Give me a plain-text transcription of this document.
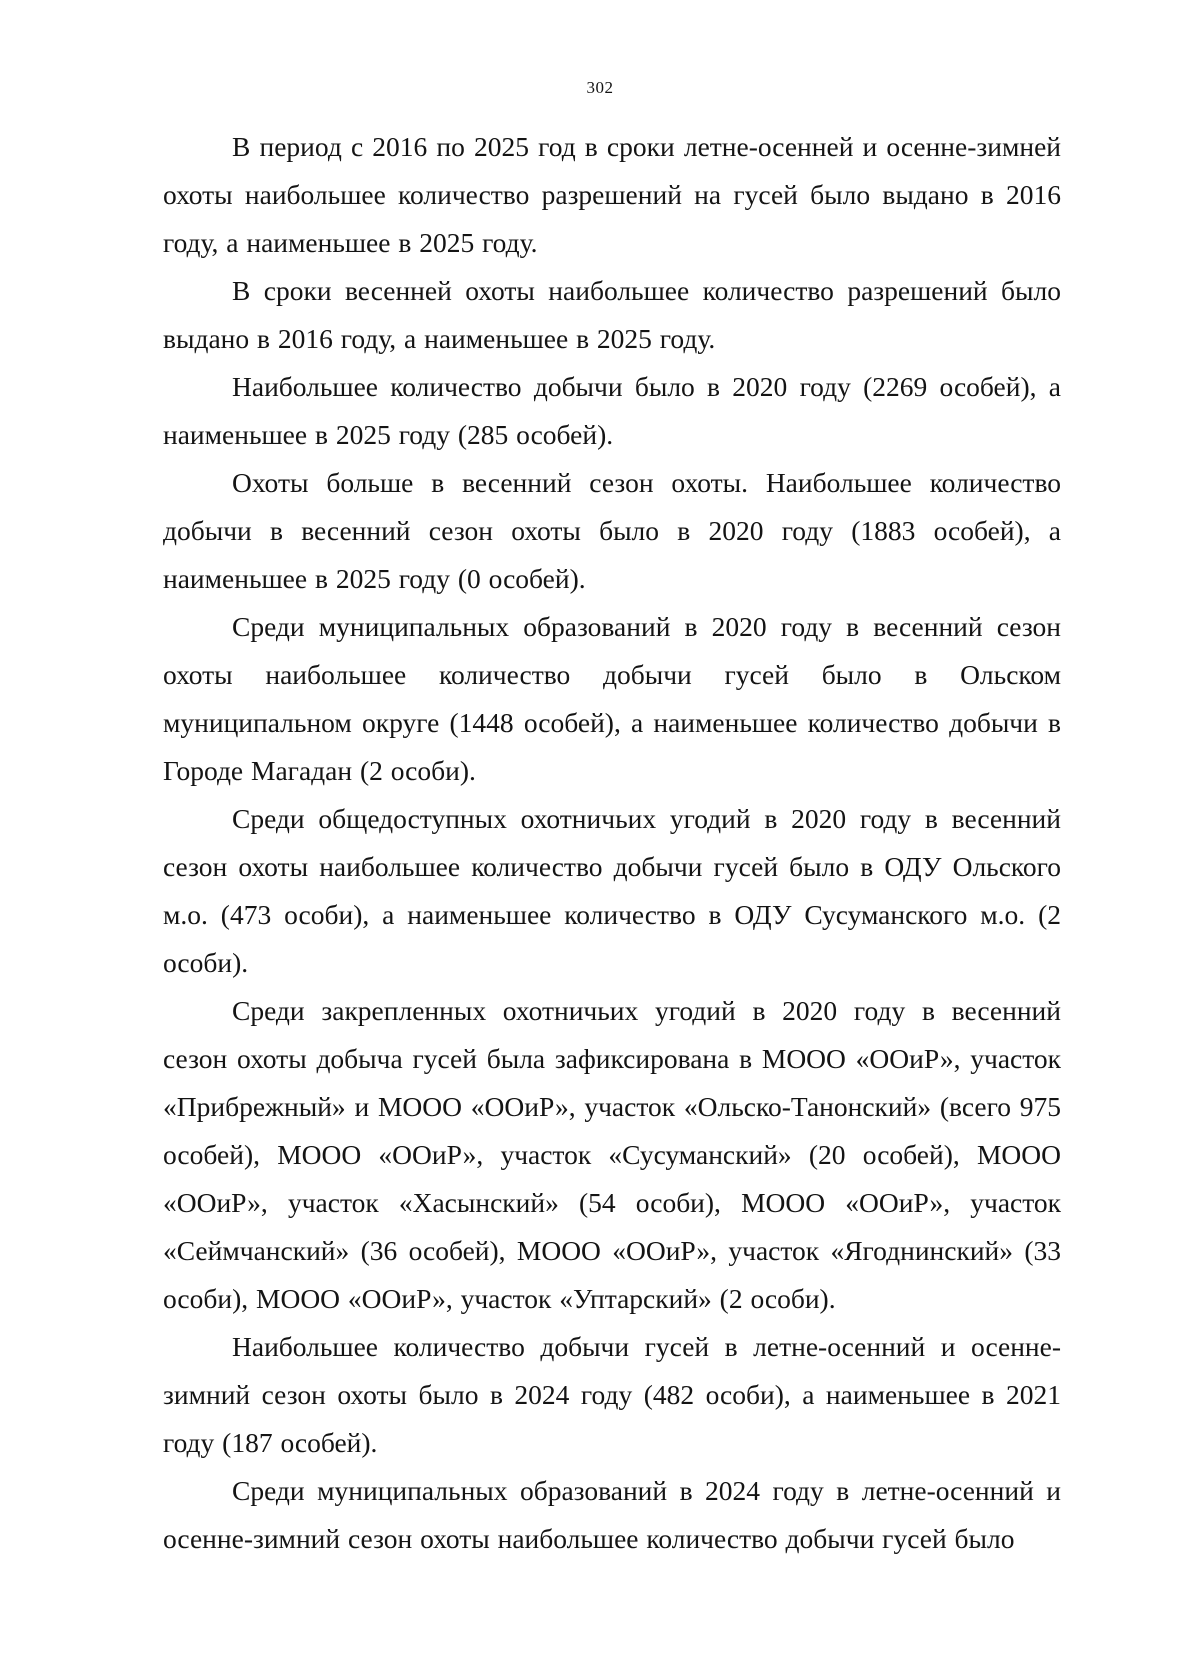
302

В период с 2016 по 2025 год в сроки летне-осенней и осенне-зимней охоты наибольшее количество разрешений на гусей было выдано в 2016 году, а наименьшее в 2025 году.

В сроки весенней охоты наибольшее количество разрешений было выдано в 2016 году, а наименьшее в 2025 году.

Наибольшее количество добычи было в 2020 году (2269 особей), а наименьшее в 2025 году (285 особей).

Охоты больше в весенний сезон охоты. Наибольшее количество добычи в весенний сезон охоты было в 2020 году (1883 особей), а наименьшее в 2025 году (0 особей).

Среди муниципальных образований в 2020 году в весенний сезон охоты наибольшее количество добычи гусей было в Ольском муниципальном округе (1448 особей), а наименьшее количество добычи в Городе Магадан (2 особи).

Среди общедоступных охотничьих угодий в 2020 году в весенний сезон охоты наибольшее количество добычи гусей было в ОДУ Ольского м.о. (473 особи), а наименьшее количество в ОДУ Сусуманского м.о. (2 особи).

Среди закрепленных охотничьих угодий в 2020 году в весенний сезон охоты добыча гусей была зафиксирована в МООО «ООиР», участок «Прибрежный» и МООО «ООиР», участок «Ольско-Танонский» (всего 975 особей), МООО «ООиР», участок «Сусуманский» (20 особей), МООО «ООиР», участок «Хасынский» (54 особи), МООО «ООиР», участок «Сеймчанский» (36 особей), МООО «ООиР», участок «Ягоднинский» (33 особи), МООО «ООиР», участок «Уптарский» (2 особи).

Наибольшее количество добычи гусей в летне-осенний и осенне-зимний сезон охоты было в 2024 году (482 особи), а наименьшее в 2021 году (187 особей).

Среди муниципальных образований в 2024 году в летне-осенний и осенне-зимний сезон охоты наибольшее количество добычи гусей было
